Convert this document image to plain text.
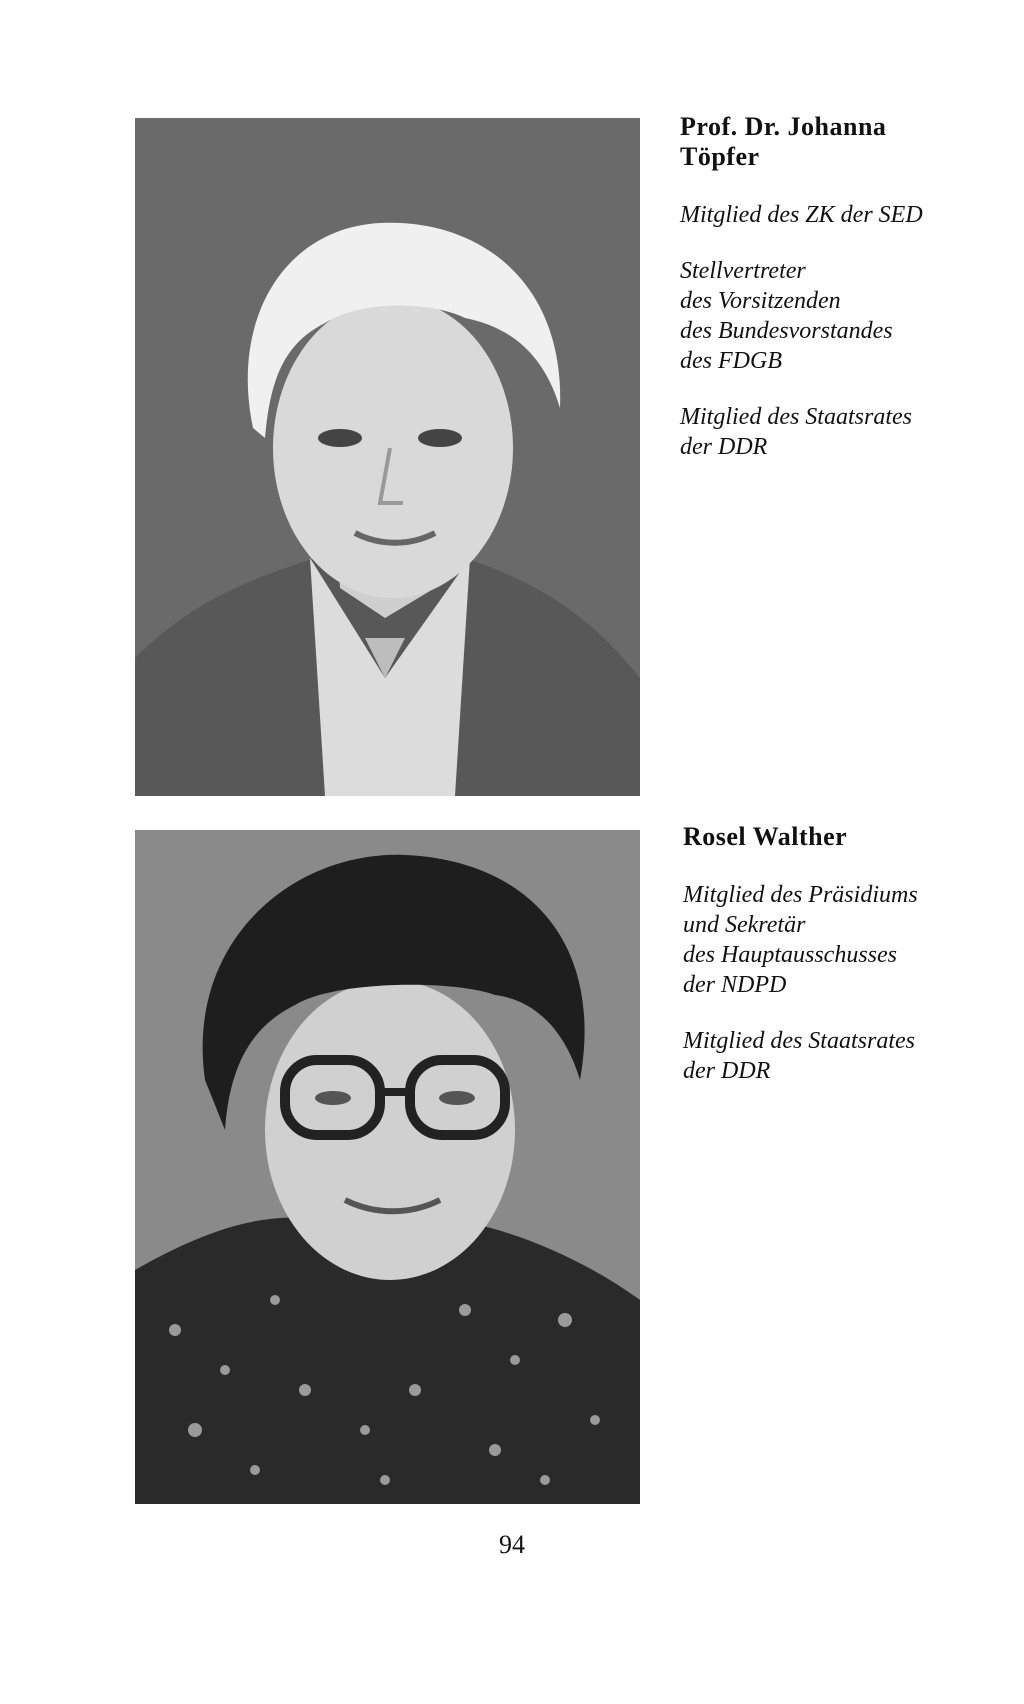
Prof. Dr. Johanna
Töpfer
Mitglied des ZK der SED
Stellvertreter
des Vorsitzenden
des Bundesvorstandes
des FDGB
Mitglied des Staatsrates
der DDR
Rosel Walther
Mitglied des Präsidiums
und Sekretär
des Hauptausschusses
der NDPD
Mitglied des Staatsrates
der DDR
94
